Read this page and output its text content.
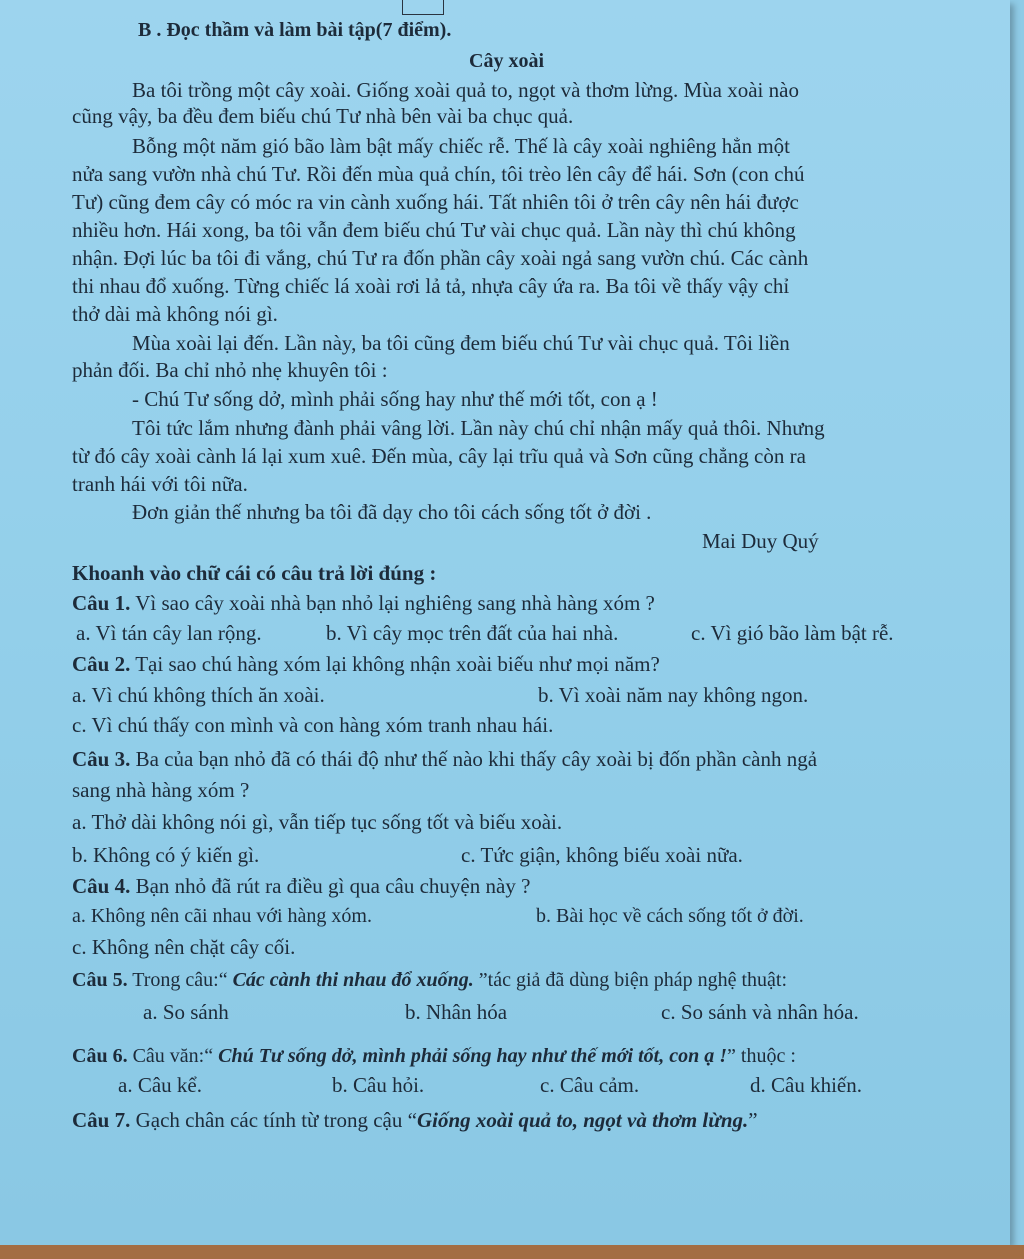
B . Đọc thầm và làm bài tập(7 điểm).
Cây xoài
Ba tôi trồng một cây xoài. Giống xoài quả to, ngọt và thơm lừng. Mùa xoài nào
cũng vậy, ba đều đem biếu chú Tư nhà bên vài ba chục quả.
Bỗng một năm gió bão làm bật mấy chiếc rễ. Thế là cây xoài nghiêng hẳn một
nửa sang vườn nhà chú Tư. Rồi đến mùa quả chín, tôi trèo lên cây để hái. Sơn (con chú
Tư) cũng đem cây có móc ra vin cành xuống hái. Tất nhiên tôi ở trên cây nên hái được
nhiều hơn. Hái xong, ba tôi vẫn đem biếu chú Tư vài chục quả. Lần này thì chú không
nhận. Đợi lúc ba tôi đi vắng, chú Tư ra đốn phần cây xoài ngả sang vườn chú. Các cành
thi nhau đổ xuống. Từng chiếc lá xoài rơi lả tả, nhựa cây ứa ra. Ba tôi về thấy vậy chỉ
thở dài mà không nói gì.
Mùa xoài lại đến. Lần này, ba tôi cũng đem biếu chú Tư vài chục quả. Tôi liền
phản đối. Ba chỉ nhỏ nhẹ khuyên tôi :
- Chú Tư sống dở, mình phải sống hay như thế mới tốt, con ạ !
Tôi tức lắm nhưng đành phải vâng lời. Lần này chú chỉ nhận mấy quả thôi. Nhưng
từ đó cây xoài cành lá lại xum xuê. Đến mùa, cây lại trĩu quả và Sơn cũng chẳng còn ra
tranh hái với tôi nữa.
Đơn giản thế nhưng ba tôi đã dạy cho tôi cách sống tốt ở đời .
Mai Duy Quý
Khoanh vào chữ cái có câu trả lời đúng :
Câu 1. Vì sao cây xoài nhà bạn nhỏ lại nghiêng sang nhà hàng xóm ?
a. Vì tán cây lan rộng.	b. Vì cây mọc trên đất của hai nhà.	c. Vì gió bão làm bật rễ.
Câu 2. Tại sao chú hàng xóm lại không nhận xoài biếu như mọi năm?
a. Vì chú không thích ăn xoài.	b. Vì xoài năm nay không ngon.
c. Vì chú thấy con mình và con hàng xóm tranh nhau hái.
Câu 3. Ba của bạn nhỏ đã có thái độ như thế nào khi thấy cây xoài bị đốn phần cành ngả
sang nhà hàng xóm ?
a. Thở dài không nói gì, vẫn tiếp tục sống tốt và biếu xoài.
b. Không có ý kiến gì.	c. Tức giận, không biếu xoài nữa.
Câu 4. Bạn nhỏ đã rút ra điều gì qua câu chuyện này ?
a. Không nên cãi nhau với hàng xóm.	b. Bài học về cách sống tốt ở đời.
c. Không nên chặt cây cối.
Câu 5. Trong câu:“ Các cành thi nhau đổ xuống. ”tác giả đã dùng biện pháp nghệ thuật:
a. So sánh	b. Nhân hóa	c. So sánh và nhân hóa.
Câu 6. Câu văn:“ Chú Tư sống dở, mình phải sống hay như thế mới tốt, con ạ !” thuộc :
a. Câu kể.	b. Câu hỏi.	c. Câu cảm.	d. Câu khiến.
Câu 7. Gạch chân các tính từ trong cậu “Giống xoài quả to, ngọt và thơm lừng.”
